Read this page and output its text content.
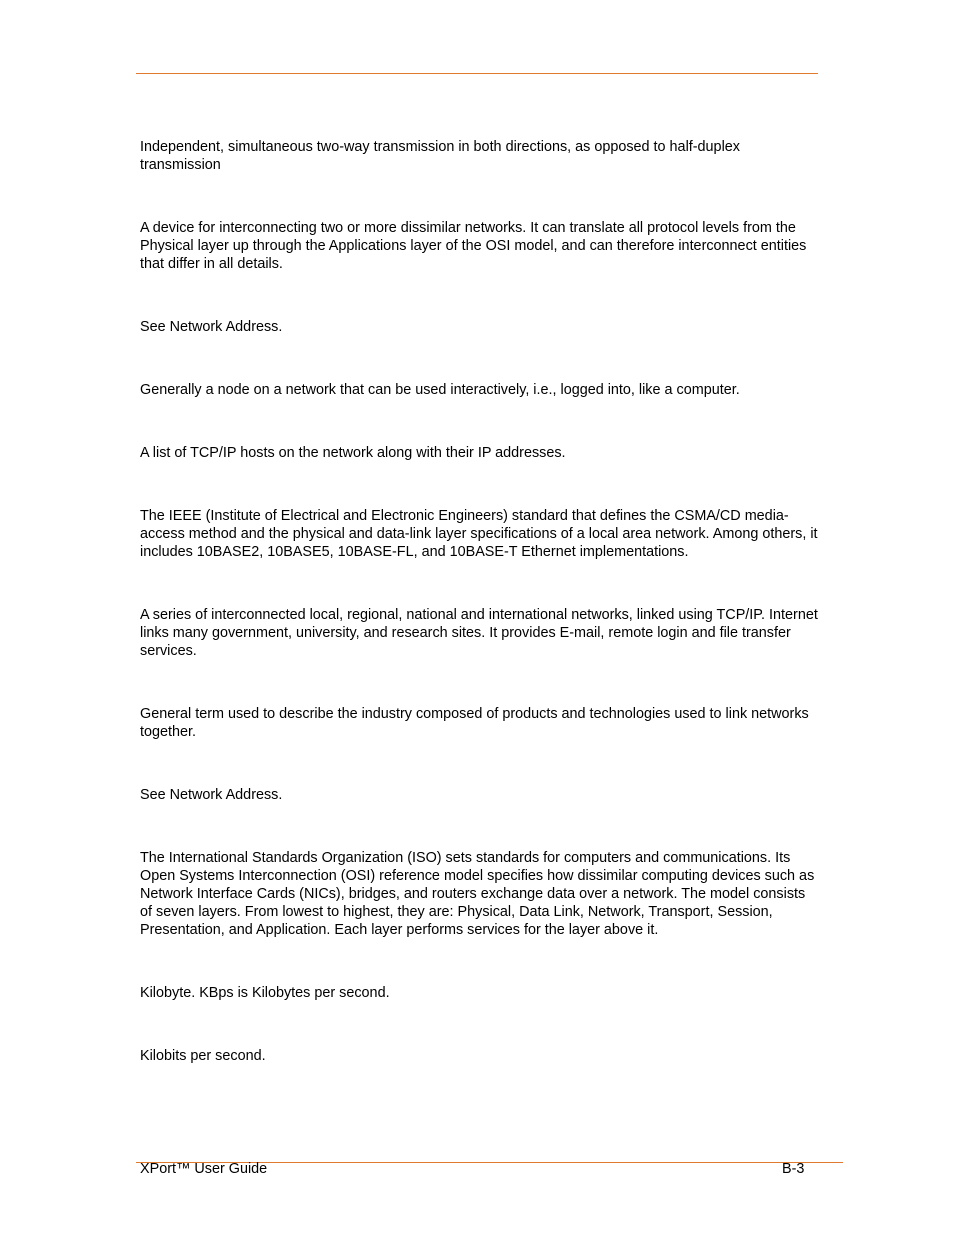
Independent, simultaneous two-way transmission in both directions, as opposed to half-duplex transmission

A device for interconnecting two or more dissimilar networks. It can translate all protocol levels from the Physical layer up through the Applications layer of the OSI model, and can therefore interconnect entities that differ in all details.

See Network Address.

Generally a node on a network that can be used interactively, i.e., logged into, like a computer.

A list of TCP/IP hosts on the network along with their IP addresses.

The IEEE (Institute of Electrical and Electronic Engineers) standard that defines the CSMA/CD media-access method and the physical and data-link layer specifications of a local area network. Among others, it includes 10BASE2, 10BASE5, 10BASE-FL, and 10BASE-T Ethernet implementations.

A series of interconnected local, regional, national and international networks, linked using TCP/IP. Internet links many government, university, and research sites. It provides E-mail, remote login and file transfer services.

General term used to describe the industry composed of products and technologies used to link networks together.

See Network Address.

The International Standards Organization (ISO) sets standards for computers and communications. Its Open Systems Interconnection (OSI) reference model specifies how dissimilar computing devices such as Network Interface Cards (NICs), bridges, and routers exchange data over a network. The model consists of seven layers. From lowest to highest, they are: Physical, Data Link, Network, Transport, Session, Presentation, and Application. Each layer performs services for the layer above it.

Kilobyte. KBps is Kilobytes per second.

Kilobits per second.

XPort™ User Guide	B-3
